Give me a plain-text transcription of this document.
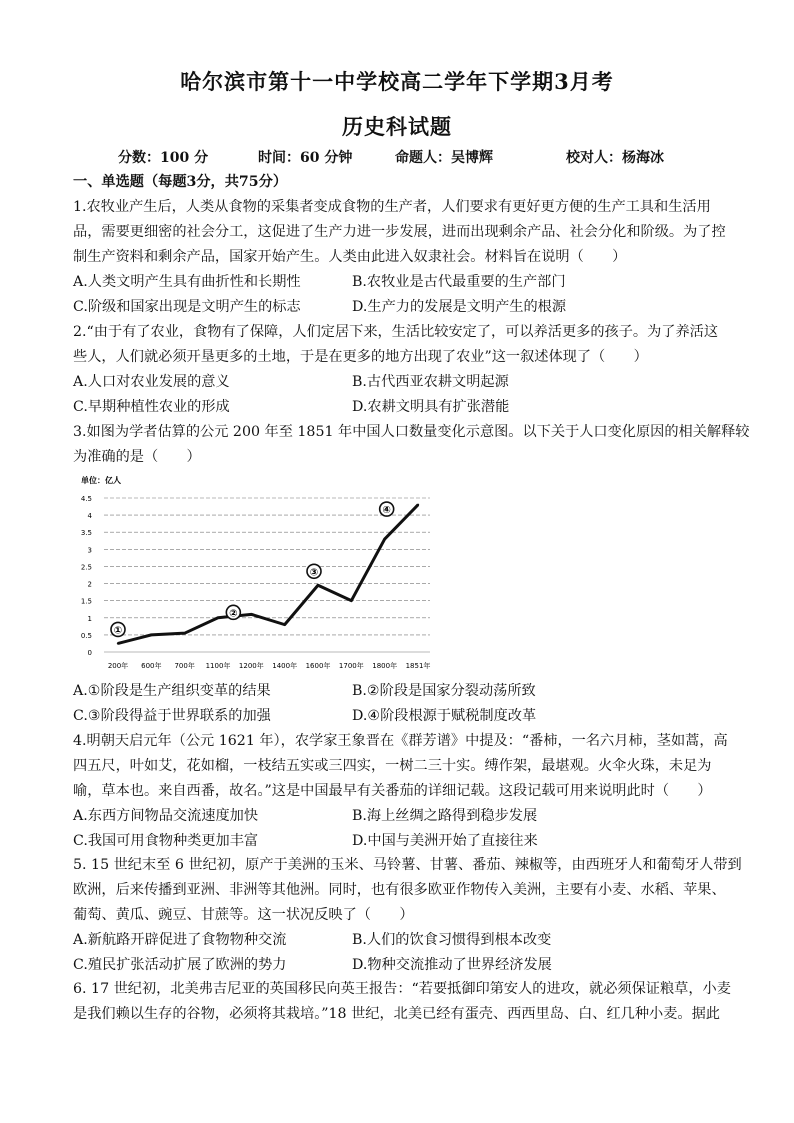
哈尔滨市第十一中学校高二学年下学期3月考
历史科试题
分数：100 分	时间：60 分钟	命题人：吴博辉	校对人：杨海冰
一、单选题（每题3分，共75分）
1.农牧业产生后，人类从食物的采集者变成食物的生产者，人们要求有更好更方便的生产工具和生活用
品，需要更细密的社会分工，这促进了生产力进一步发展，进而出现剩余产品、社会分化和阶级。为了控
制生产资料和剩余产品，国家开始产生。人类由此进入奴隶社会。材料旨在说明（　　）
A.人类文明产生具有曲折性和长期性	B.农牧业是古代最重要的生产部门
C.阶级和国家出现是文明产生的标志	D.生产力的发展是文明产生的根源
2.“由于有了农业，食物有了保障，人们定居下来，生活比较安定了，可以养活更多的孩子。为了养活这
些人，人们就必须开垦更多的土地，于是在更多的地方出现了农业”这一叙述体现了（　　）
A.人口对农业发展的意义	B.古代西亚农耕文明起源
C.早期种植性农业的形成	D.农耕文明具有扩张潜能
3.如图为学者估算的公元 200 年至 1851 年中国人口数量变化示意图。以下关于人口变化原因的相关解释较
为准确的是（　　）
单位：亿人
0
0.5
1
1.5
2
2.5
3
3.5
4
4.5
200年 600年 700年 1100年 1200年 1400年 1600年 1700年 1800年 1851年
①
②
③
④
A.①阶段是生产组织变革的结果	B.②阶段是国家分裂动荡所致
C.③阶段得益于世界联系的加强	D.④阶段根源于赋税制度改革
4.明朝天启元年（公元 1621 年），农学家王象晋在《群芳谱》中提及：“番柿，一名六月柿，茎如蒿，高
四五尺，叶如艾，花如榴，一枝结五实或三四实，一树二三十实。缚作架，最堪观。火伞火珠，未足为
喻，草本也。来自西番，故名。”这是中国最早有关番茄的详细记载。这段记载可用来说明此时（　　）
A.东西方间物品交流速度加快	B.海上丝绸之路得到稳步发展
C.我国可用食物种类更加丰富	D.中国与美洲开始了直接往来
5. 15 世纪末至 6 世纪初，原产于美洲的玉米、马铃薯、甘薯、番茄、辣椒等，由西班牙人和葡萄牙人带到
欧洲，后来传播到亚洲、非洲等其他洲。同时，也有很多欧亚作物传入美洲，主要有小麦、水稻、苹果、
葡萄、黄瓜、豌豆、甘蔗等。这一状况反映了（　　）
A.新航路开辟促进了食物物种交流	B.人们的饮食习惯得到根本改变
C.殖民扩张活动扩展了欧洲的势力	D.物种交流推动了世界经济发展
6. 17 世纪初，北美弗吉尼亚的英国移民向英王报告：“若要抵御印第安人的进攻，就必须保证粮草，小麦
是我们赖以生存的谷物，必须将其栽培。”18 世纪，北美已经有蛋壳、西西里岛、白、红几种小麦。据此
